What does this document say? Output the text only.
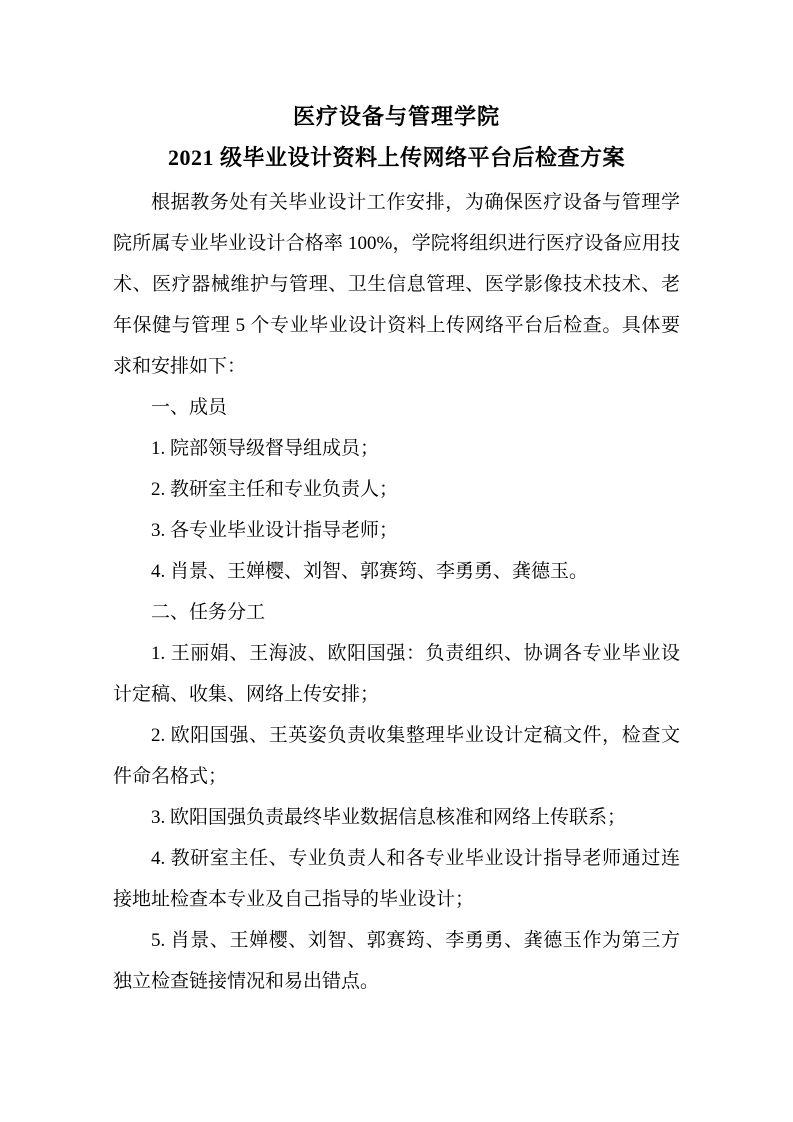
医疗设备与管理学院
2021 级毕业设计资料上传网络平台后检查方案

根据教务处有关毕业设计工作安排，为确保医疗设备与管理学院所属专业毕业设计合格率 100%，学院将组织进行医疗设备应用技术、医疗器械维护与管理、卫生信息管理、医学影像技术技术、老年保健与管理 5 个专业毕业设计资料上传网络平台后检查。具体要求和安排如下：

一、成员

1. 院部领导级督导组成员；

2. 教研室主任和专业负责人；

3. 各专业毕业设计指导老师；

4. 肖景、王婵樱、刘智、郭赛筠、李勇勇、龚德玉。

二、任务分工

1. 王丽娟、王海波、欧阳国强：负责组织、协调各专业毕业设计定稿、收集、网络上传安排；

2. 欧阳国强、王英姿负责收集整理毕业设计定稿文件，检查文件命名格式；

3. 欧阳国强负责最终毕业数据信息核准和网络上传联系；

4. 教研室主任、专业负责人和各专业毕业设计指导老师通过连接地址检查本专业及自己指导的毕业设计；

5. 肖景、王婵樱、刘智、郭赛筠、李勇勇、龚德玉作为第三方独立检查链接情况和易出错点。
